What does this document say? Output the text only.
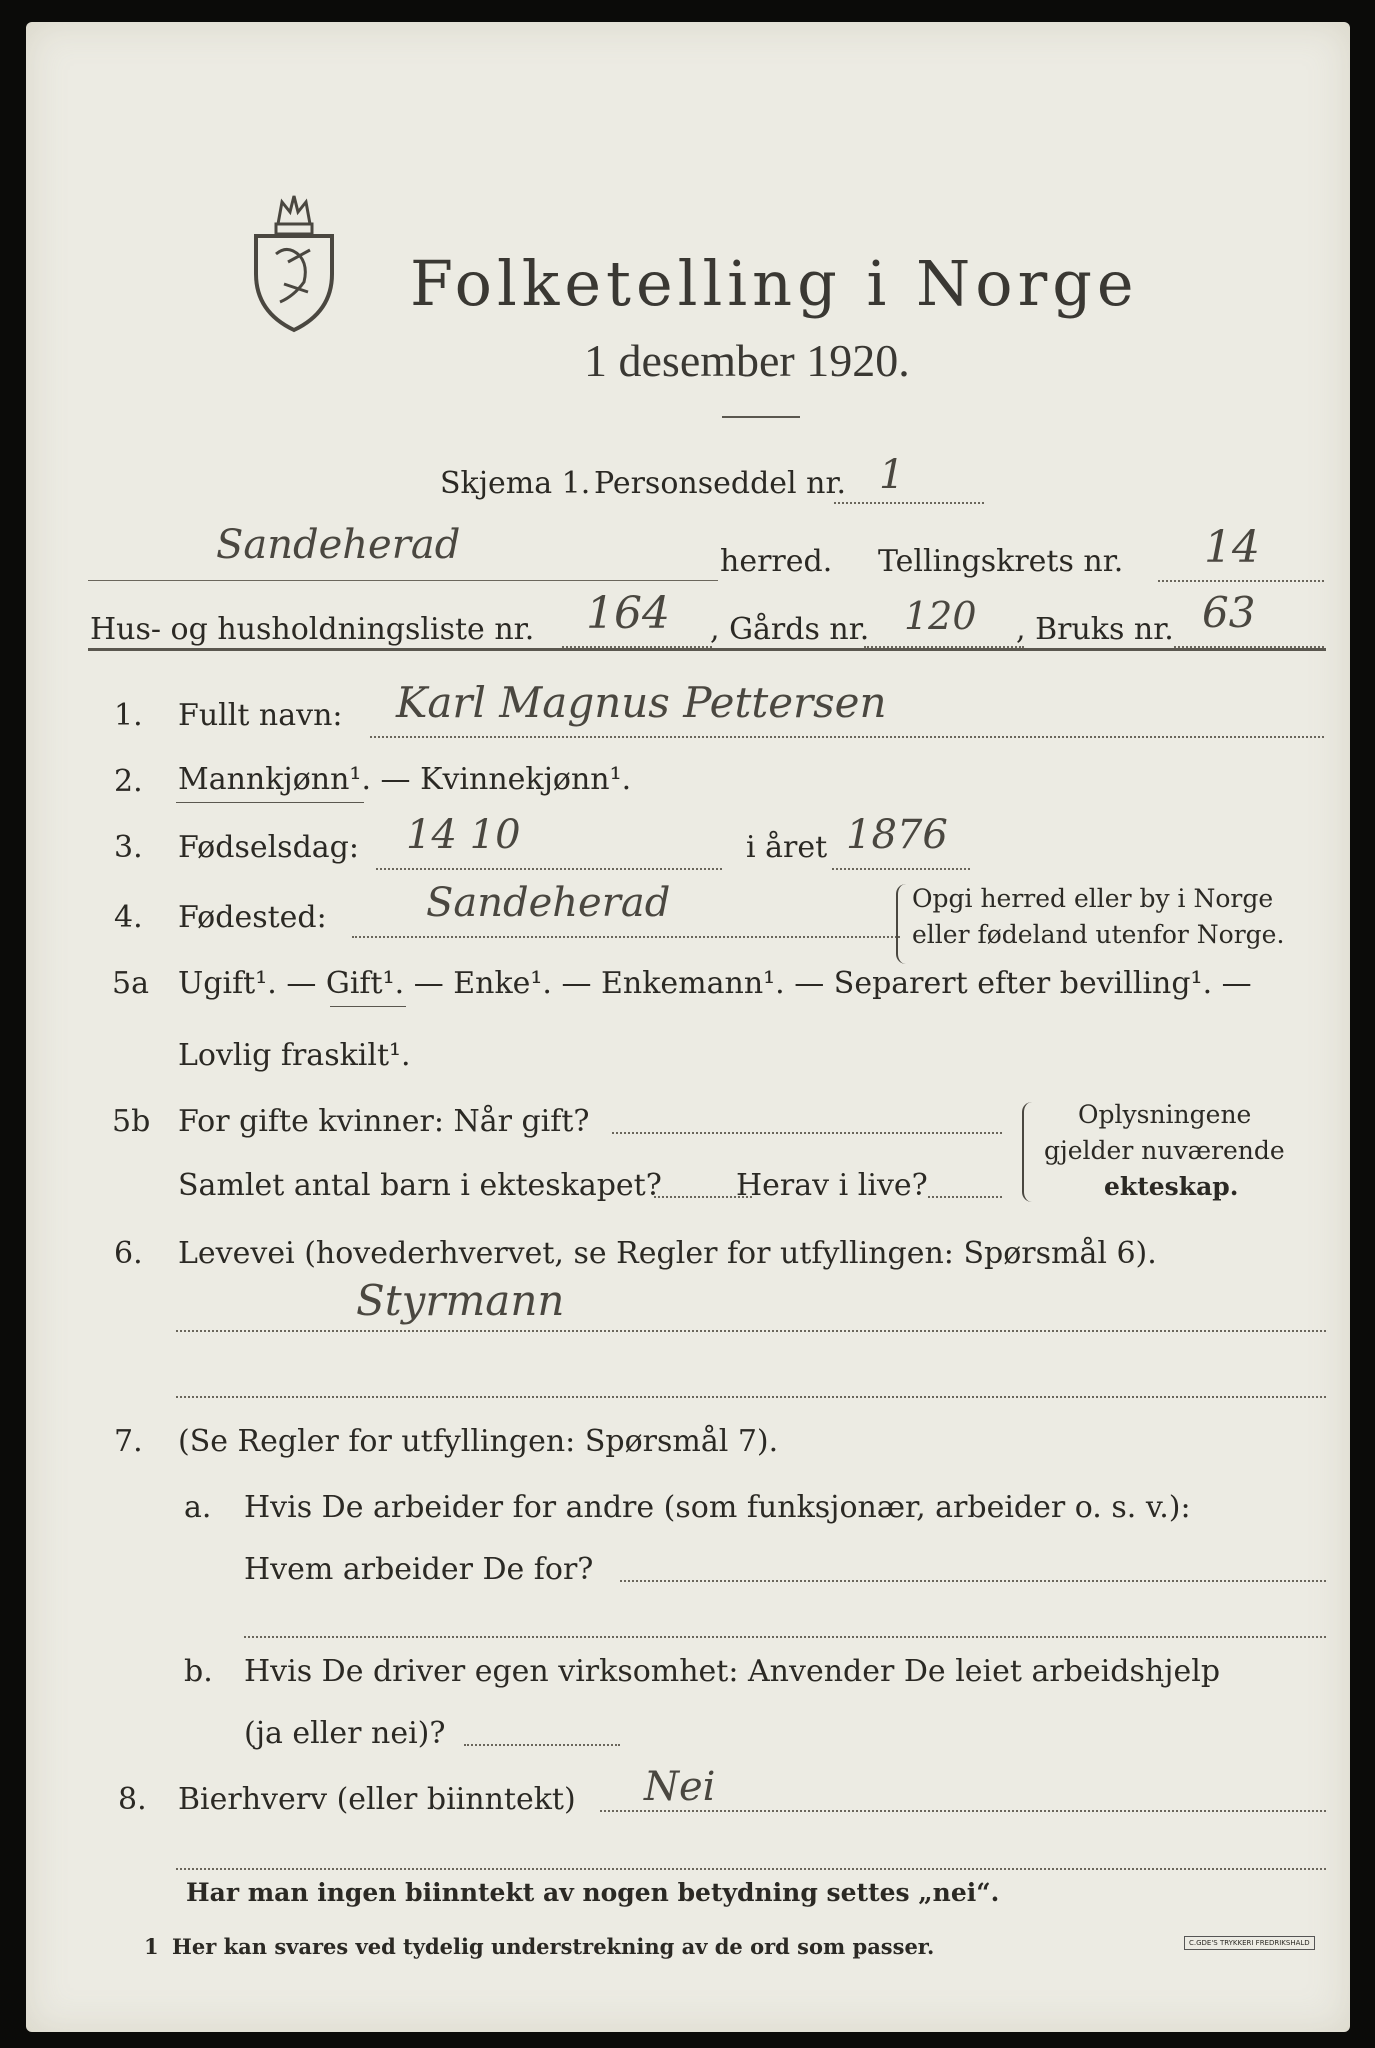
Folketelling i Norge
1 desember 1920.
Skjema 1. Personseddel nr. 1
Sandeherad	herred. Tellingskrets nr. 14
Hus- og husholdningsliste nr. 164 , Gårds nr. 120 , Bruks nr. 63
1. Fullt navn: Karl Magnus Pettersen
2. Mannkjønn¹. — Kvinnekjønn¹.
3. Fødselsdag: 14 10	i året 1876
4. Fødested: Sandeherad	Opgi herred eller by i Norge
eller fødeland utenfor Norge.
5a Ugift¹. — Gift¹. — Enke¹. — Enkemann¹. — Separert efter bevilling¹. —
Lovlig fraskilt¹.
5b For gifte kvinner: Når gift?
Samlet antal barn i ekteskapet? Herav i live?
Oplysningene
gjelder nuværende
ekteskap.
6. Levevei (hovederhvervet, se Regler for utfyllingen: Spørsmål 6).
Styrmann
7. (Se Regler for utfyllingen: Spørsmål 7).
a. Hvis De arbeider for andre (som funksjonær, arbeider o. s. v.):
Hvem arbeider De for?
b. Hvis De driver egen virksomhet: Anvender De leiet arbeidshjelp
(ja eller nei)?
8. Bierhverv (eller biinntekt) Nei
Har man ingen biinntekt av nogen betydning settes „nei“.
1 Her kan svares ved tydelig understrekning av de ord som passer.	C.GDE'S TRYKKERI FREDRIKSHALD
